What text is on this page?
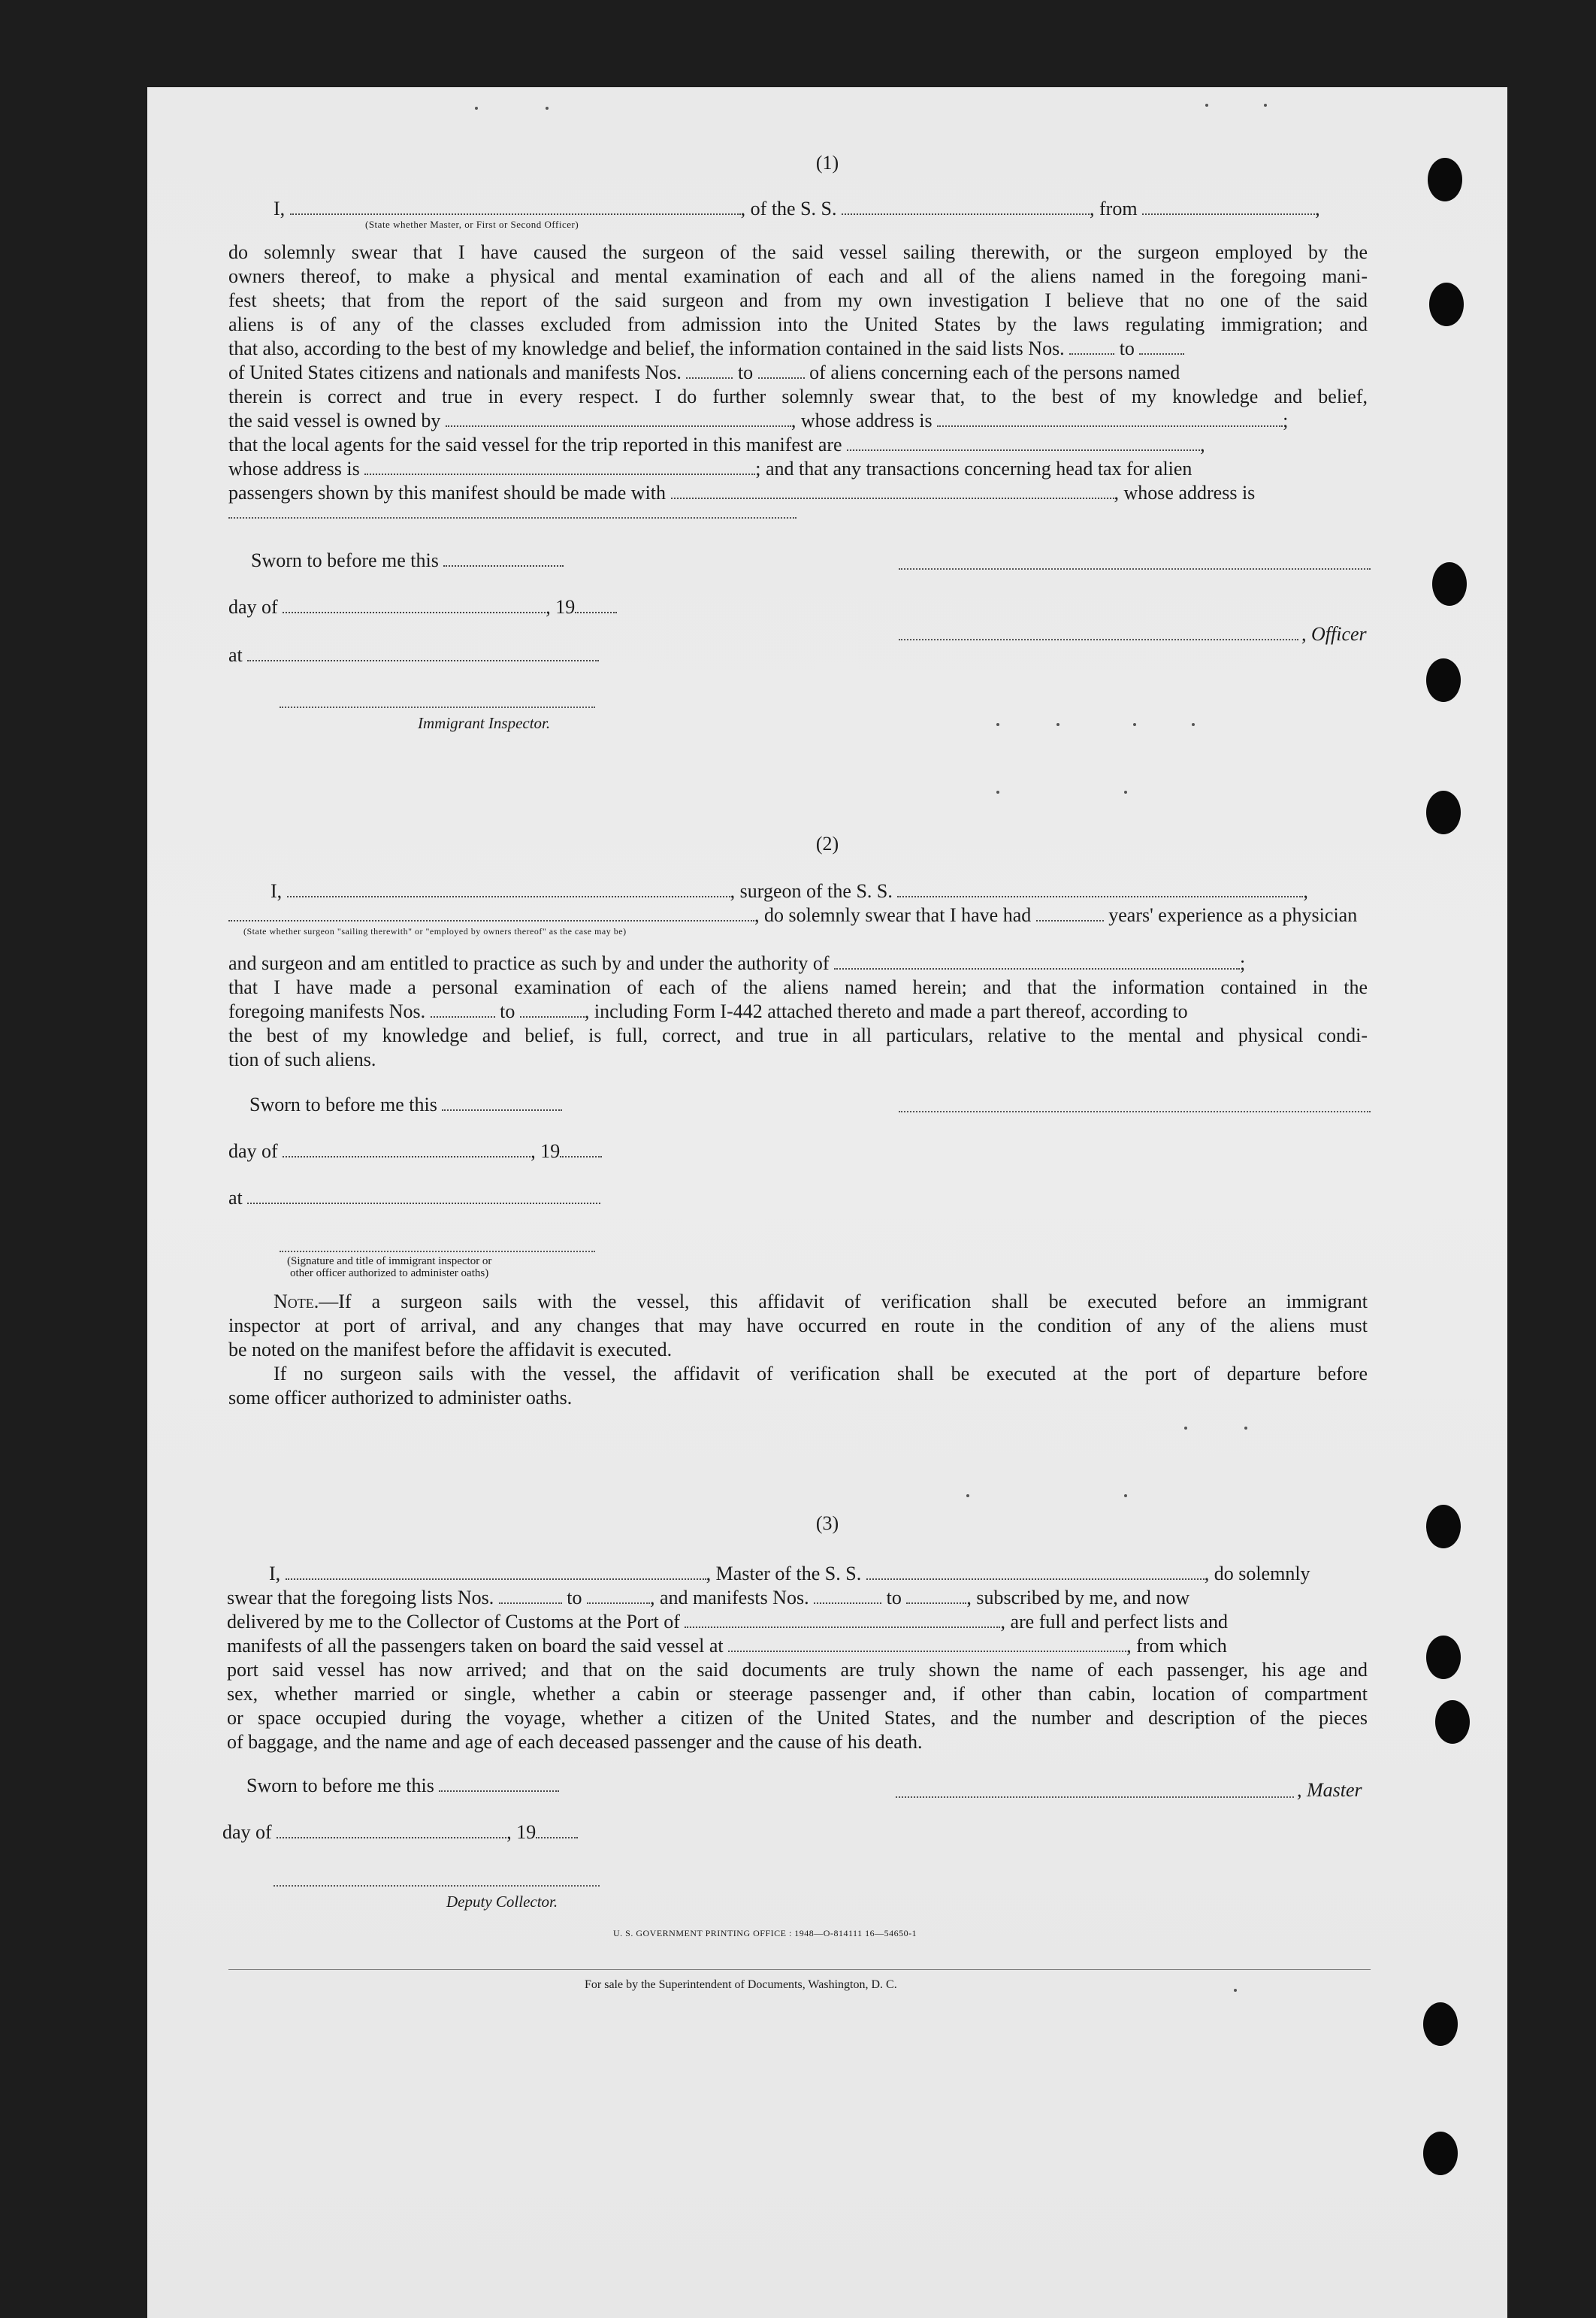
(1)
I,	, of the S. S.	, from	,
(State whether Master, or First or Second Officer)
do solemnly swear that I have caused the surgeon of the said vessel sailing therewith, or the surgeon employed by the
owners thereof, to make a physical and mental examination of each and all of the aliens named in the foregoing mani-
fest sheets; that from the report of the said surgeon and from my own investigation I believe that no one of the said
aliens is of any of the classes excluded from admission into the United States by the laws regulating immigration; and
that also, according to the best of my knowledge and belief, the information contained in the said lists Nos.	to
of United States citizens and nationals and manifests Nos.	to	of aliens concerning each of the persons named
therein is correct and true in every respect. I do further solemnly swear that, to the best of my knowledge and belief,
the said vessel is owned by	, whose address is	;
that the local agents for the said vessel for the trip reported in this manifest are	,
whose address is	; and that any transactions concerning head tax for alien
passengers shown by this manifest should be made with	, whose address is
Sworn to before me this
day of	, 19
, Officer
at
Immigrant Inspector.
(2)
I,	, surgeon of the S. S.	,
, do solemnly swear that I have had	years' experience as a physician
(State whether surgeon "sailing therewith" or "employed by owners thereof" as the case may be)
and surgeon and am entitled to practice as such by and under the authority of	;
that I have made a personal examination of each of the aliens named herein; and that the information contained in the
foregoing manifests Nos.	to	, including Form I-442 attached thereto and made a part thereof, according to
the best of my knowledge and belief, is full, correct, and true in all particulars, relative to the mental and physical condi-
tion of such aliens.
Sworn to before me this
day of	, 19
at
(Signature and title of immigrant inspector or
other officer authorized to administer oaths)
Note.—If a surgeon sails with the vessel, this affidavit of verification shall be executed before an immigrant
inspector at port of arrival, and any changes that may have occurred en route in the condition of any of the aliens must
be noted on the manifest before the affidavit is executed.
If no surgeon sails with the vessel, the affidavit of verification shall be executed at the port of departure before
some officer authorized to administer oaths.
(3)
I,	, Master of the S. S.	, do solemnly
swear that the foregoing lists Nos.	to	, and manifests Nos.	to	, subscribed by me, and now
delivered by me to the Collector of Customs at the Port of	, are full and perfect lists and
manifests of all the passengers taken on board the said vessel at	, from which
port said vessel has now arrived; and that on the said documents are truly shown the name of each passenger, his age and
sex, whether married or single, whether a cabin or steerage passenger and, if other than cabin, location of compartment
or space occupied during the voyage, whether a citizen of the United States, and the number and description of the pieces
of baggage, and the name and age of each deceased passenger and the cause of his death.
Sworn to before me this	, Master
day of	, 19
Deputy Collector.
U. S. GOVERNMENT PRINTING OFFICE : 1948—O-814111 16—54650-1
For sale by the Superintendent of Documents, Washington, D. C.
